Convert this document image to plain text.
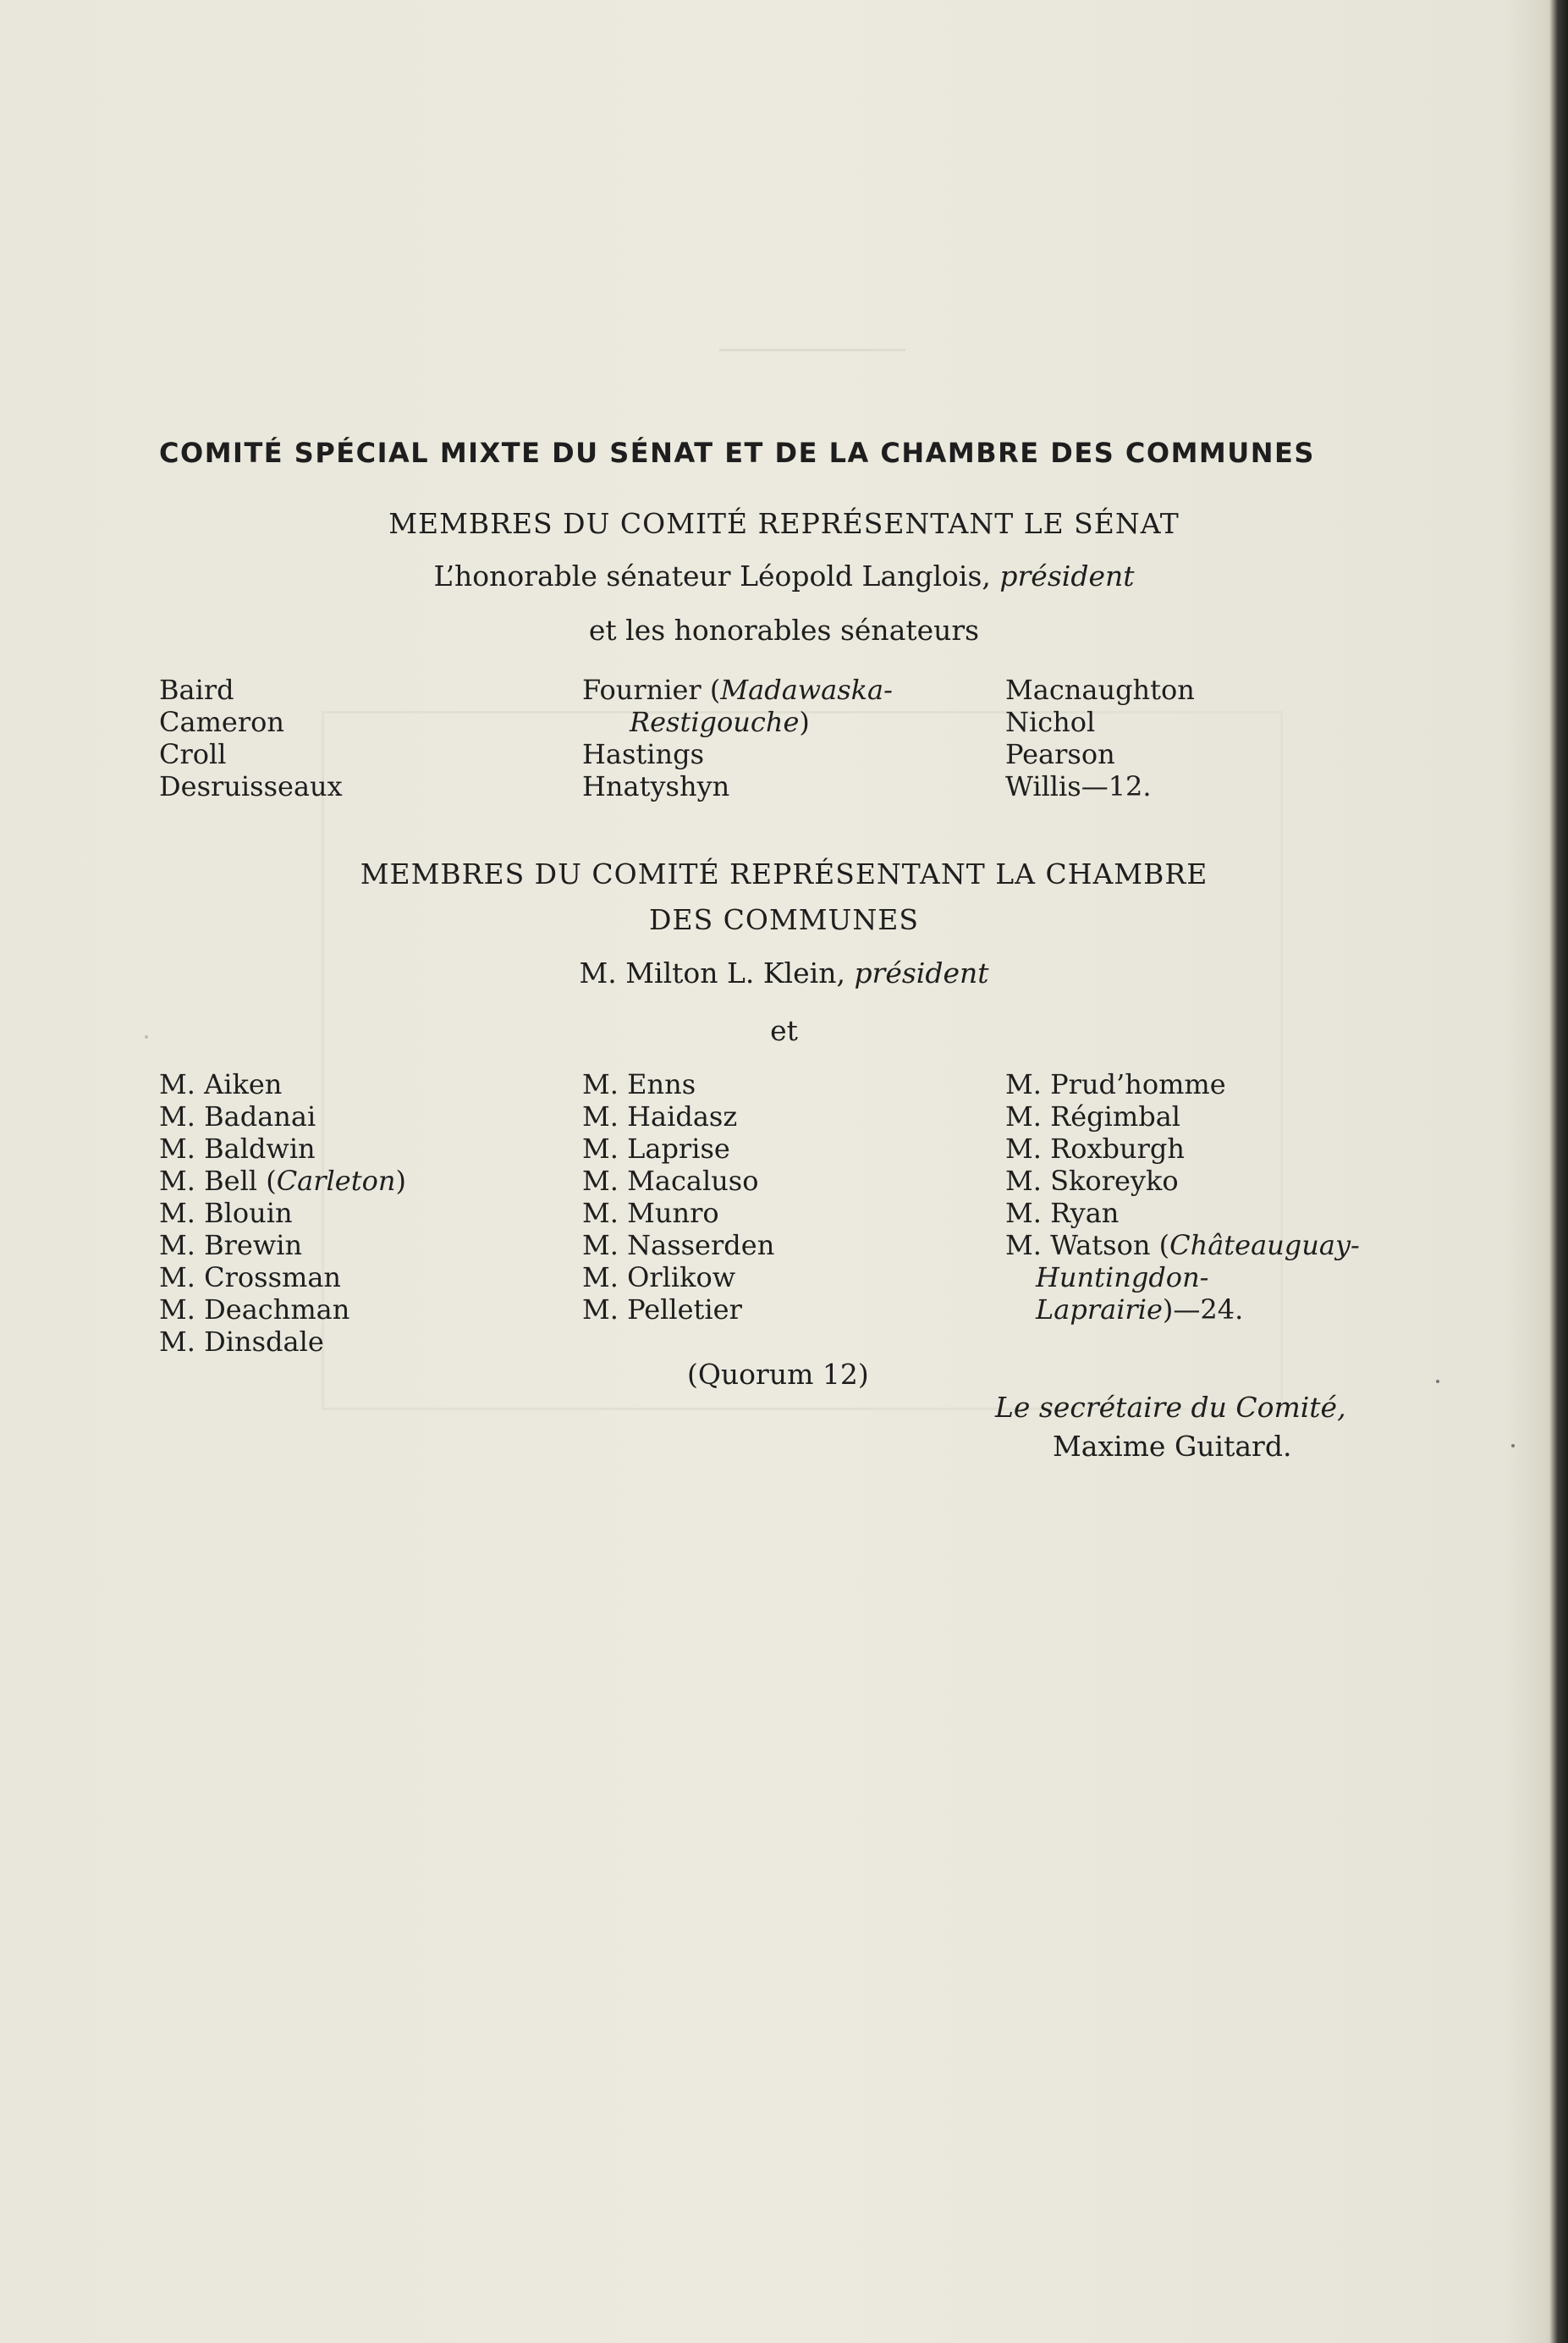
COMITÉ SPÉCIAL MIXTE DU SÉNAT ET DE LA CHAMBRE DES COMMUNES
MEMBRES DU COMITÉ REPRÉSENTANT LE SÉNAT
L’honorable sénateur Léopold Langlois, président
et les honorables sénateurs
Baird
Cameron
Croll
Desruisseaux
Fournier (Madawaska-
Restigouche)
Hastings
Hnatyshyn
Macnaughton
Nichol
Pearson
Willis—12.
MEMBRES DU COMITÉ REPRÉSENTANT LA CHAMBRE
DES COMMUNES
M. Milton L. Klein, président
et
M. Aiken
M. Badanai
M. Baldwin
M. Bell (Carleton)
M. Blouin
M. Brewin
M. Crossman
M. Deachman
M. Dinsdale
M. Enns
M. Haidasz
M. Laprise
M. Macaluso
M. Munro
M. Nasserden
M. Orlikow
M. Pelletier
M. Prud’homme
M. Régimbal
M. Roxburgh
M. Skoreyko
M. Ryan
M. Watson (Châteauguay-
Huntingdon-
Laprairie)—24.
(Quorum 12)
Le secrétaire du Comité,
Maxime Guitard.
